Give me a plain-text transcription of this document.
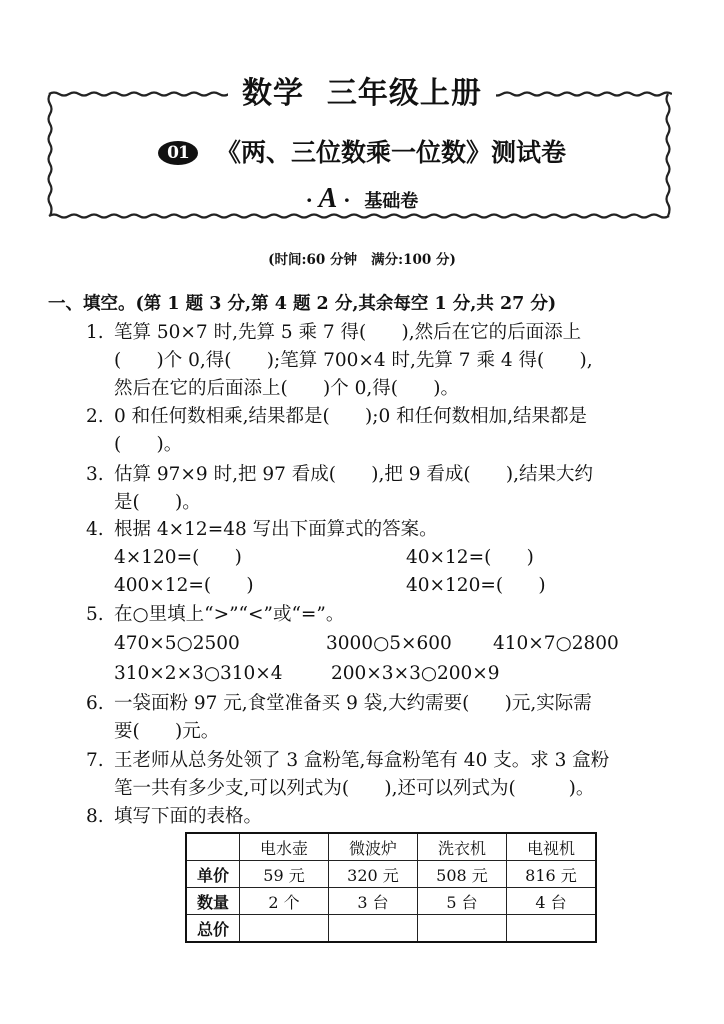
数学  三年级上册
01 《两、三位数乘一位数》测试卷
· A · 基础卷
(时间:60 分钟   满分:100 分)
一、填空。(第 1 题 3 分,第 4 题 2 分,其余每空 1 分,共 27 分)
1. 笔算 50×7 时,先算 5 乘 7 得(      ),然后在它的后面添上
(      )个 0,得(      );笔算 700×4 时,先算 7 乘 4 得(      ),
然后在它的后面添上(      )个 0,得(      )。
2. 0 和任何数相乘,结果都是(      );0 和任何数相加,结果都是
(      )。
3. 估算 97×9 时,把 97 看成(      ),把 9 看成(      ),结果大约
是(      )。
4. 根据 4×12=48 写出下面算式的答案。
4×120=(      )	40×12=(      )
400×12=(      )	40×120=(      )
5. 在○里填上“>”“<”或“=”。
470×5○2500	3000○5×600 410×7○2800
310×2×3○310×4	200×3×3○200×9
6. 一袋面粉 97 元,食堂准备买 9 袋,大约需要(      )元,实际需
要(      )元。
7. 王老师从总务处领了 3 盒粉笔,每盒粉笔有 40 支。求 3 盒粉
笔一共有多少支,可以列式为(      ),还可以列式为(         )。
8. 填写下面的表格。
	电水壶	微波炉	洗衣机	电视机
单价	59 元	320 元	508 元	816 元
数量	2 个	3 台	5 台	4 台
总价				
